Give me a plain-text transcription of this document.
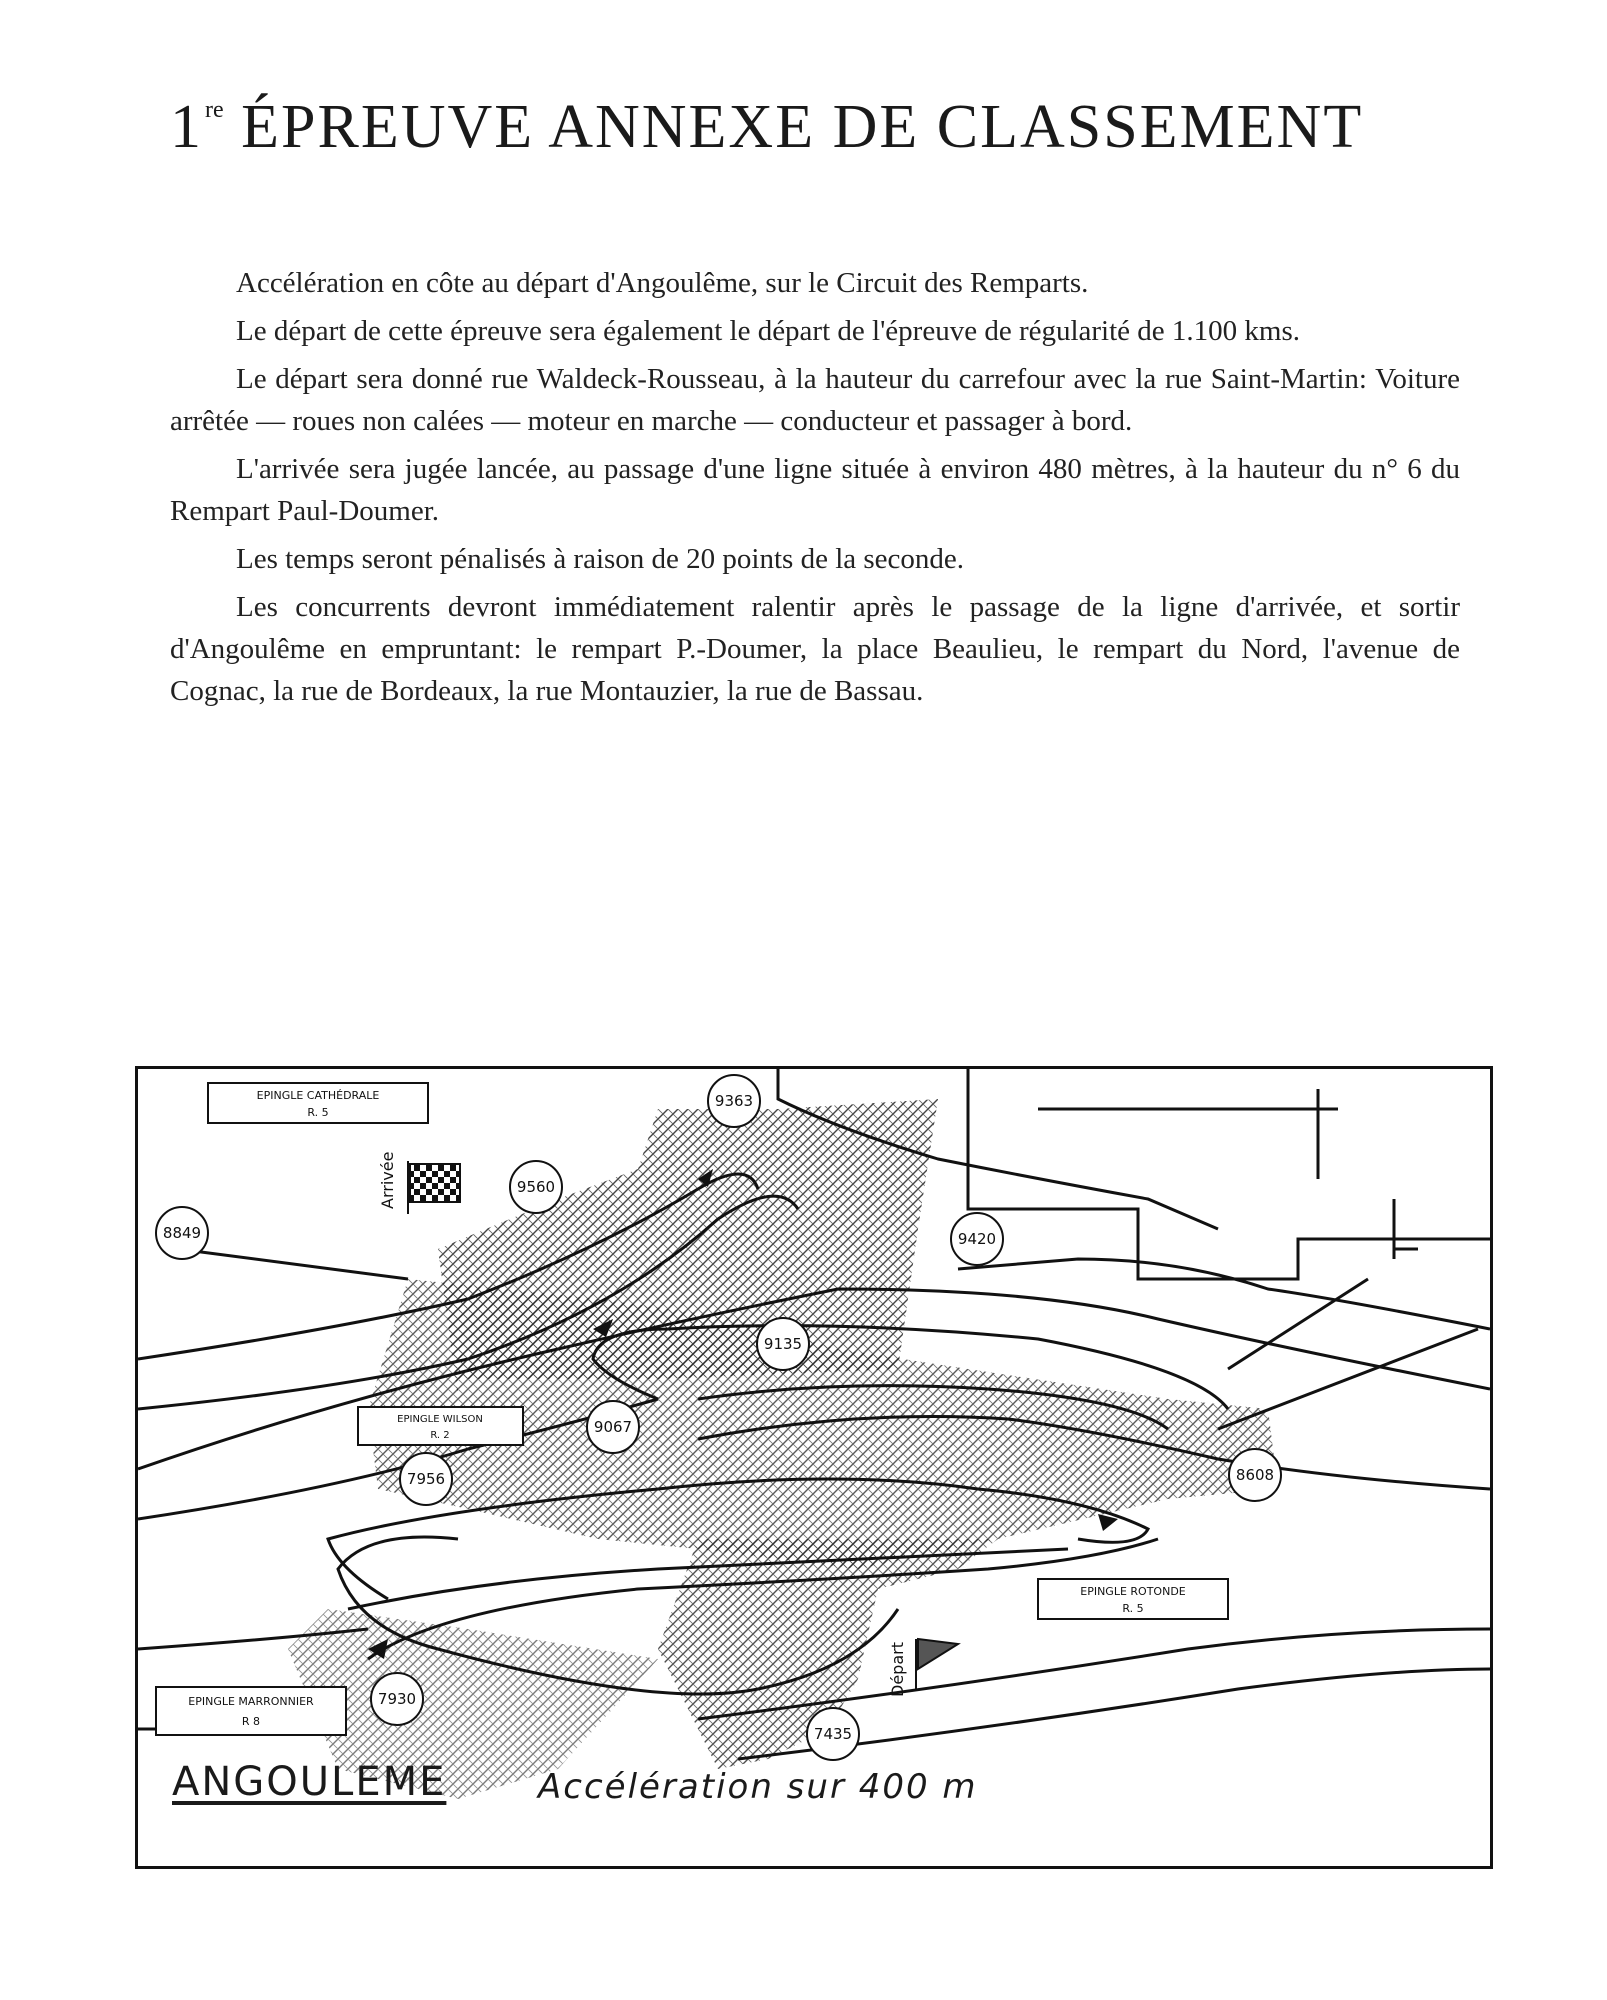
1re ÉPREUVE ANNEXE DE CLASSEMENT

Accélération en côte au départ d'Angoulême, sur le Circuit des Remparts.

Le départ de cette épreuve sera également le départ de l'épreuve de régularité de 1.100 kms.

Le départ sera donné rue Waldeck-Rousseau, à la hauteur du carrefour avec la rue Saint-Martin: Voiture arrêtée — roues non calées — moteur en marche — conducteur et passager à bord.

L'arrivée sera jugée lancée, au passage d'une ligne située à environ 480 mètres, à la hauteur du n° 6 du Rempart Paul-Doumer.

Les temps seront pénalisés à raison de 20 points de la seconde.

Les concurrents devront immédiatement ralentir après le passage de la ligne d'arrivée, et sortir d'Angoulême en empruntant: le rempart P.-Doumer, la place Beaulieu, le rempart du Nord, l'avenue de Cognac, la rue de Bordeaux, la rue Montauzier, la rue de Bassau.

Arrivée
Départ
EPINGLE CATHÉDRALE
R. 5
EPINGLE WILSON
R. 2
EPINGLE ROTONDE
R. 5
EPINGLE MARRONNIER
R 8
9363
9560
8849	9420
9135
9067
7956	8608
7930
7435
ANGOULEME	Accélération sur 400 m
